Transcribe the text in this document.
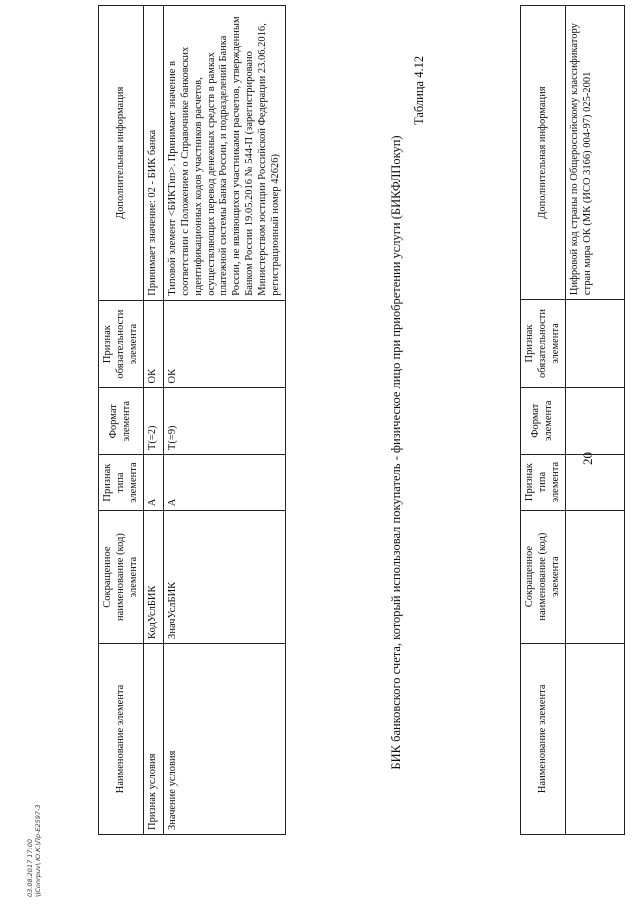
20
Наименование элемента	Сокращенное наименование (код) элемента	Признак типа элемента	Формат элемента	Признак обязательности элемента	Дополнительная информация
					Цифровой код страны по Общероссийскому классификатору стран мира ОК (МК (ИСО 3166) 004-97) 025-2001
Таблица 4.12
БИК банковского счета, который использовал покупатель - физическое лицо при приобретении услуги (БИКФЛПокуп)
Наименование элемента	Сокращенное наименование (код) элемента	Признак типа элемента	Формат элемента	Признак обязательности элемента	Дополнительная информация
Признак условия	КодУслБИК	А	T(=2)	ОК	Принимает значение: 02 - БИК банка
Значение условия	ЗначУслБИК	А	T(=9)	ОК	Типовой элемент <БИКТип>. Принимает значение в соответствии с Положением о Справочнике банковских идентификационных кодов участников расчетов, осуществляющих перевод денежных средств в рамках платежной системы Банка России, и подразделений Банка России, не являющихся участниками расчетов, утвержденным Банком России 19.05.2016 № 544-П (зарегистрировано Министерством юстиции Российской Федерации 23.06.2016, регистрационный номер 42626)
03.08.2017 17:00 \\Conrpuv\ Ю.К.\Пр-Е2597-3
